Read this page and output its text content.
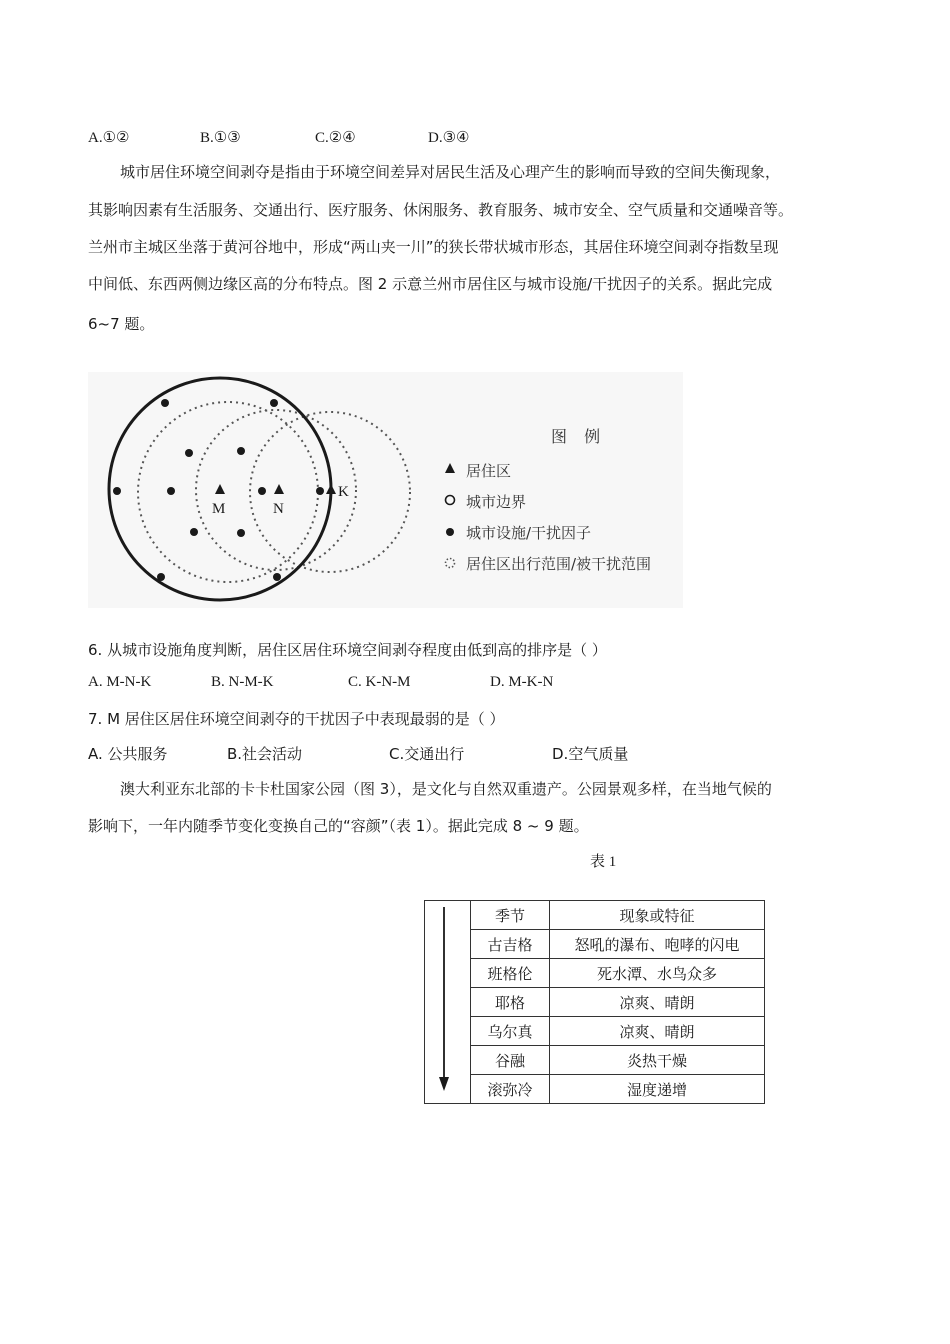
A.①②	B.①③	C.②④	D.③④
城市居住环境空间剥夺是指由于环境空间差异对居民生活及心理产生的影响而导致的空间失衡现象，
其影响因素有生活服务、交通出行、医疗服务、休闲服务、教育服务、城市安全、空气质量和交通噪音等。
兰州市主城区坐落于黄河谷地中，形成“两山夹一川”的狭长带状城市形态，其居住环境空间剥夺指数呈现
中间低、东西两侧边缘区高的分布特点。图 2 示意兰州市居住区与城市设施/干扰因子的关系。据此完成
6~7 题。
M	N
K
图 例
居住区
城市边界
城市设施/干扰因子
居住区出行范围/被干扰范围
6. 从城市设施角度判断，居住区居住环境空间剥夺程度由低到高的排序是（ ）
A. M-N-K	B. N-M-K	C. K-N-M	D. M-K-N
7. M 居住区居住环境空间剥夺的干扰因子中表现最弱的是（ ）
A. 公共服务	B.社会活动	C.交通出行	D.空气质量
澳大利亚东北部的卡卡杜国家公园（图 3），是文化与自然双重遗产。公园景观多样，在当地气候的
影响下，一年内随季节变化变换自己的“容颜”（表 1）。据此完成 8 ~ 9 题。
表 1
	季节	现象或特征
	古吉格	怒吼的瀑布、咆哮的闪电
	班格伦	死水潭、水鸟众多
	耶格	凉爽、晴朗
	乌尔真	凉爽、晴朗
	谷融	炎热干燥
	滚弥冷	湿度递增
